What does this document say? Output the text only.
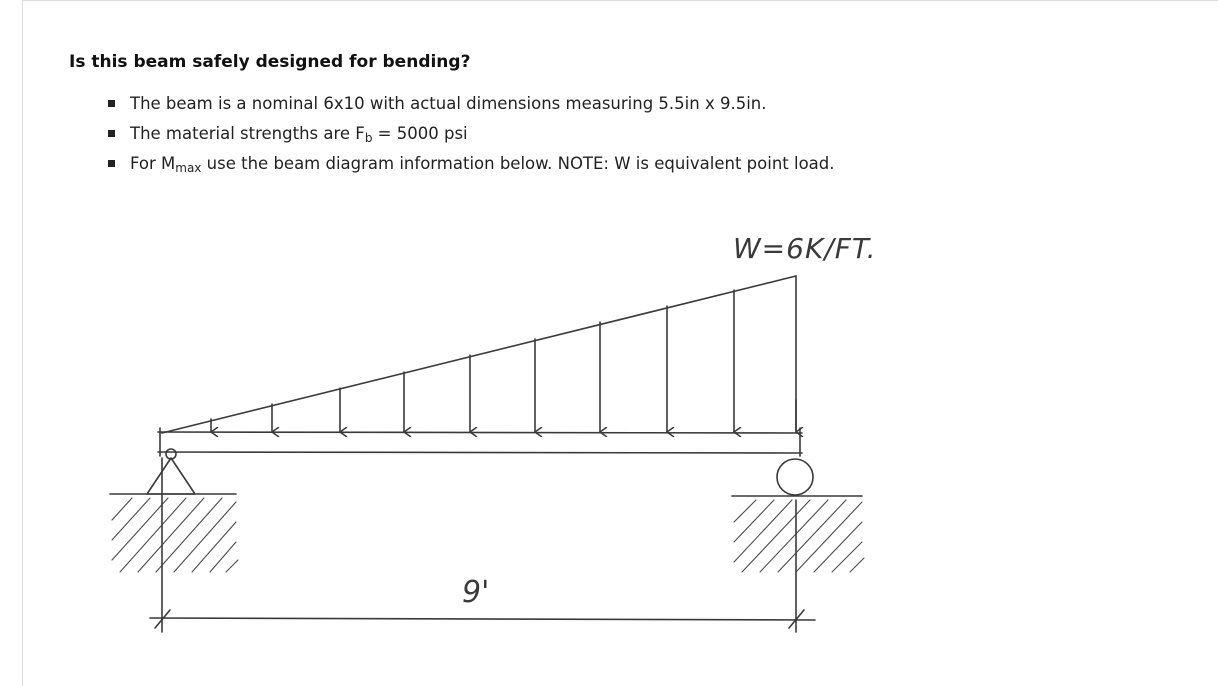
Is this beam safely designed for bending?
The beam is a nominal 6x10 with actual dimensions measuring 5.5in x 9.5in.
The material strengths are $F_b = 5000$ psi
For $M_{max}$ use the beam diagram information below. NOTE: W is equivalent point load.
9'
W=6K/FT.
